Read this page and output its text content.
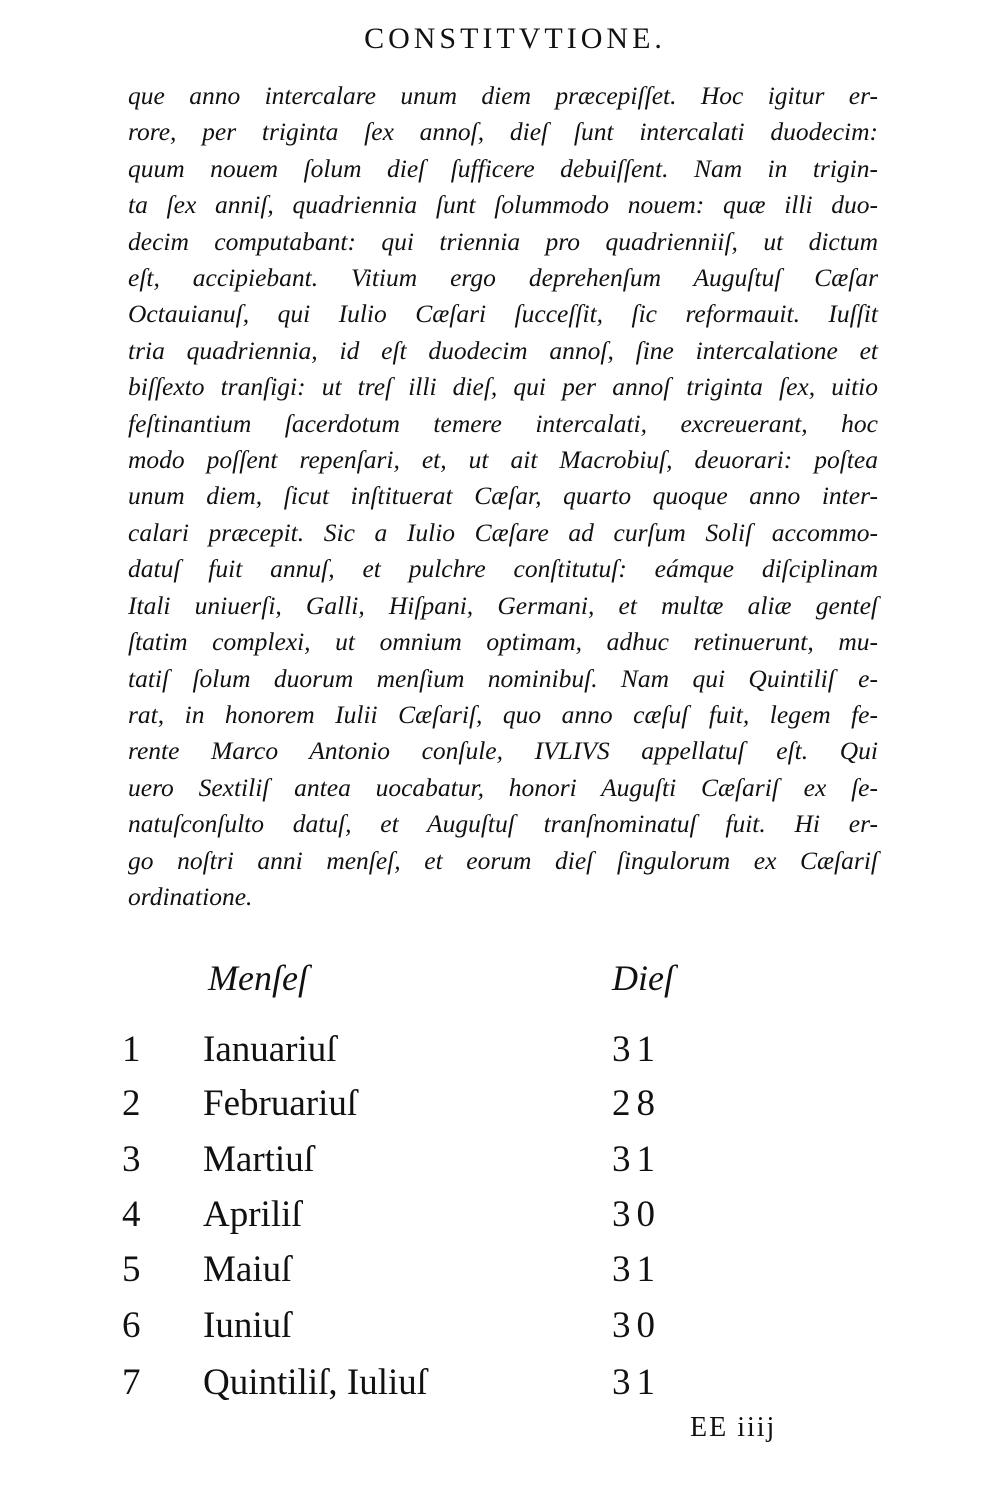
CONSTITVTIONE.
que anno intercalare unum diem præcepiſſet. Hoc igitur er-
rore, per triginta ſex annoſ, dieſ ſunt intercalati duodecim:
quum nouem ſolum dieſ ſufficere debuiſſent. Nam in trigin-
ta ſex anniſ, quadriennia ſunt ſolummodo nouem: quæ illi duo-
decim computabant: qui triennia pro quadrienniiſ, ut dictum
eſt, accipiebant. Vitium ergo deprehenſum Auguſtuſ Cæſar
Octauianuſ, qui Iulio Cæſari ſucceſſit, ſic reformauit. Iuſſit
tria quadriennia, id eſt duodecim annoſ, ſine intercalatione et
biſſexto tranſigi: ut treſ illi dieſ, qui per annoſ triginta ſex, uitio
feſtinantium ſacerdotum temere intercalati, excreuerant, hoc
modo poſſent repenſari, et, ut ait Macrobiuſ, deuorari: poſtea
unum diem, ſicut inſtituerat Cæſar, quarto quoque anno inter-
calari præcepit. Sic a Iulio Cæſare ad curſum Soliſ accommo-
datuſ fuit annuſ, et pulchre conſtitutuſ: eámque diſciplinam
Itali uniuerſi, Galli, Hiſpani, Germani, et multæ aliæ genteſ
ſtatim complexi, ut omnium optimam, adhuc retinuerunt, mu-
tatiſ ſolum duorum menſium nominibuſ. Nam qui Quintiliſ e-
rat, in honorem Iulii Cæſariſ, quo anno cæſuſ fuit, legem fe-
rente Marco Antonio conſule, IVLIVS appellatuſ eſt. Qui
uero Sextiliſ antea uocabatur, honori Auguſti Cæſariſ ex ſe-
natuſconſulto datuſ, et Auguſtuſ tranſnominatuſ fuit. Hi er-
go noſtri anni menſeſ, et eorum dieſ ſingulorum ex Cæſariſ
ordinatione.
Menſeſ	Dieſ
1	Ianuariuſ	31
2	Februariuſ	28
3	Martiuſ	31
4	Apriliſ	30
5	Maiuſ	31
6	Iuniuſ	30
7	Quintiliſ, Iuliuſ	31
EE iiij
